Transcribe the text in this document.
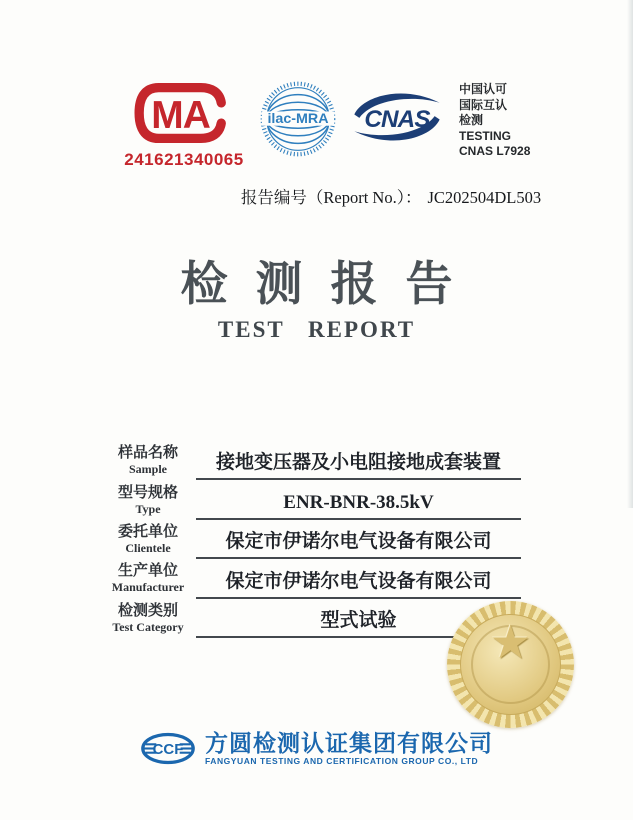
MA
241621340065
ilac-MRA CNAS
中国认可
国际互认
检测
TESTING
CNAS L7928
报告编号（Report No.）： JC202504DL503
检测报告
TEST REPORT
样品名称
Sample	接地变压器及小电阻接地成套装置
型号规格
Type	ENR-BNR-38.5kV
委托单位
Clientele	保定市伊诺尔电气设备有限公司
生产单位
Manufacturer 保定市伊诺尔电气设备有限公司
检测类别
Test Category	型式试验	★
CCF 方圆检测认证集团有限公司
FANGYUAN TESTING AND CERTIFICATION GROUP CO., LTD
